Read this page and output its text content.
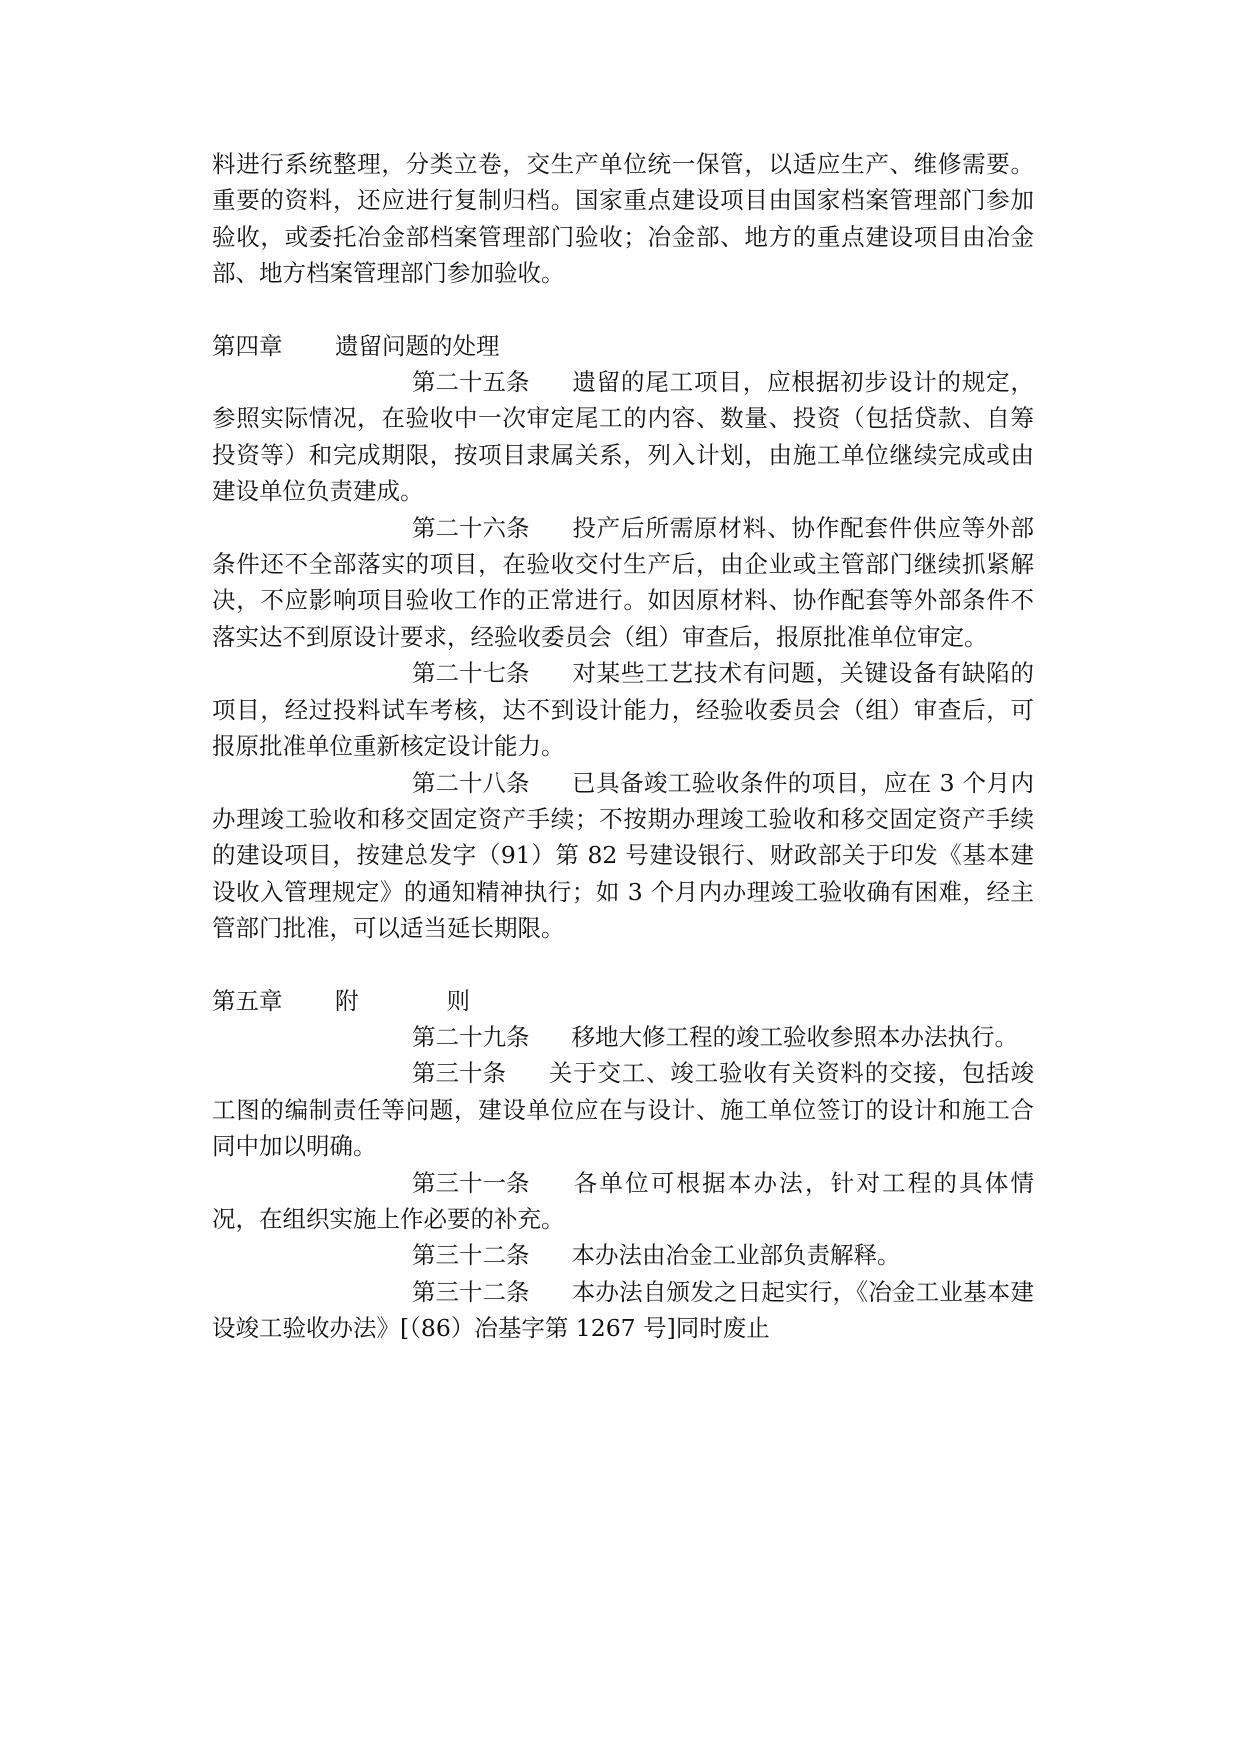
料进行系统整理，分类立卷，交生产单位统一保管，以适应生产、维修需要。重要的资料，还应进行复制归档。国家重点建设项目由国家档案管理部门参加验收，或委托冶金部档案管理部门验收；冶金部、地方的重点建设项目由冶金部、地方档案管理部门参加验收。

第四章 遗留问题的处理

第二十五条 遗留的尾工项目，应根据初步设计的规定，参照实际情况，在验收中一次审定尾工的内容、数量、投资（包括贷款、自筹投资等）和完成期限，按项目隶属关系，列入计划，由施工单位继续完成或由建设单位负责建成。

第二十六条 投产后所需原材料、协作配套件供应等外部条件还不全部落实的项目，在验收交付生产后，由企业或主管部门继续抓紧解决，不应影响项目验收工作的正常进行。如因原材料、协作配套等外部条件不落实达不到原设计要求，经验收委员会（组）审查后，报原批准单位审定。

第二十七条 对某些工艺技术有问题，关键设备有缺陷的项目，经过投料试车考核，达不到设计能力，经验收委员会（组）审查后，可报原批准单位重新核定设计能力。

第二十八条 已具备竣工验收条件的项目，应在 3 个月内办理竣工验收和移交固定资产手续；不按期办理竣工验收和移交固定资产手续的建设项目，按建总发字（91）第 82 号建设银行、财政部关于印发《基本建设收入管理规定》的通知精神执行；如 3 个月内办理竣工验收确有困难，经主管部门批准，可以适当延长期限。

第五章 附	则

第二十九条 移地大修工程的竣工验收参照本办法执行。

第三十条 关于交工、竣工验收有关资料的交接，包括竣工图的编制责任等问题，建设单位应在与设计、施工单位签订的设计和施工合同中加以明确。

第三十一条 各单位可根据本办法，针对工程的具体情况，在组织实施上作必要的补充。

第三十二条 本办法由冶金工业部负责解释。

第三十二条 本办法自颁发之日起实行，《冶金工业基本建设竣工验收办法》[（86）冶基字第 1267 号]同时废止
